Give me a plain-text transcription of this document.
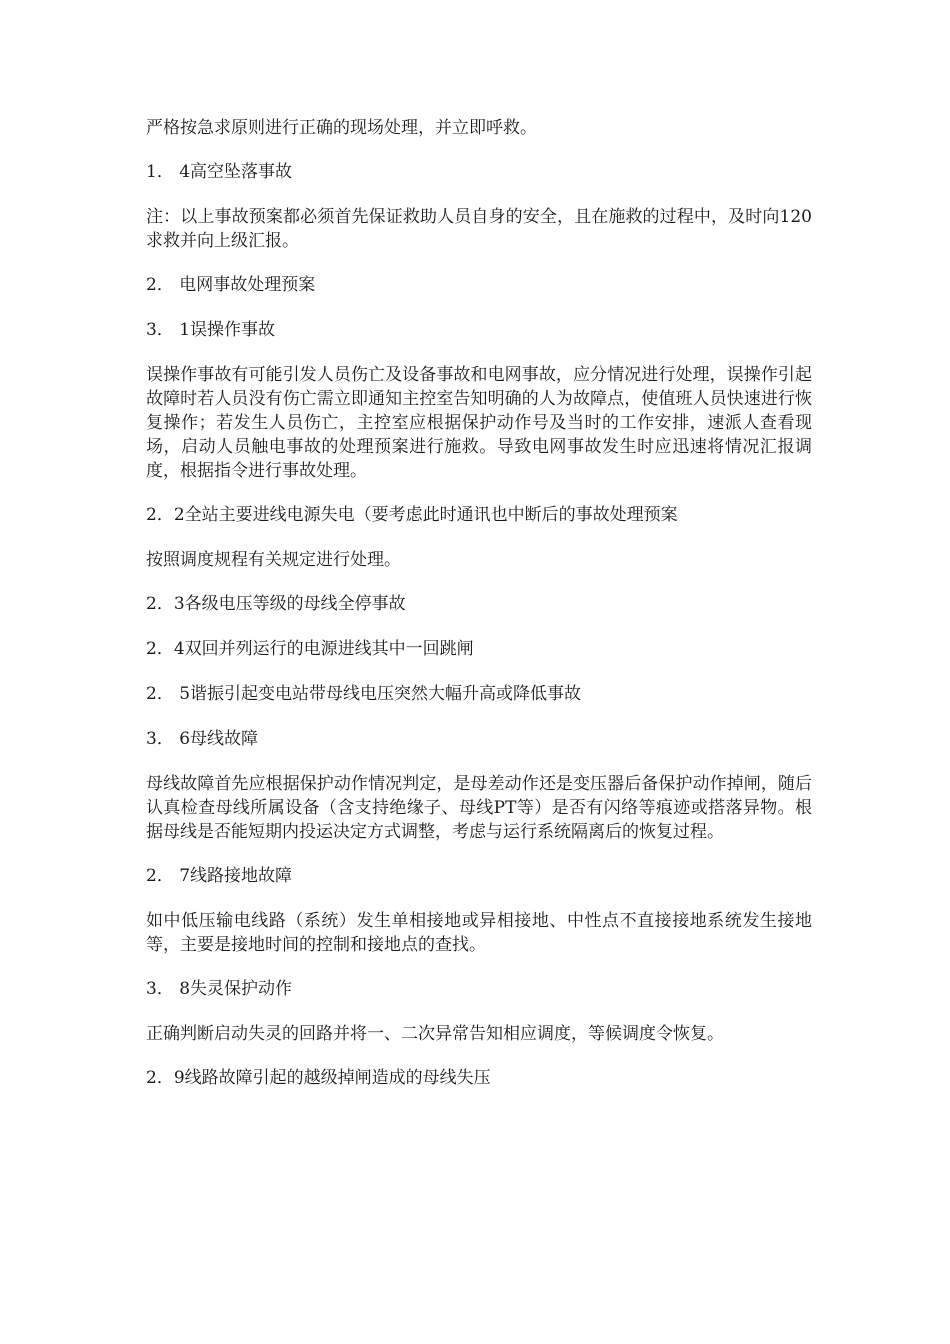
严格按急求原则进行正确的现场处理，并立即呼救。

1． 4高空坠落事故

注：以上事故预案都必须首先保证救助人员自身的安全，且在施救的过程中，及时向120求救并向上级汇报。

2． 电网事故处理预案

3． 1误操作事故

误操作事故有可能引发人员伤亡及设备事故和电网事故，应分情况进行处理，误操作引起故障时若人员没有伤亡需立即通知主控室告知明确的人为故障点，使值班人员快速进行恢复操作；若发生人员伤亡，主控室应根据保护动作号及当时的工作安排，速派人查看现场，启动人员触电事故的处理预案进行施救。导致电网事故发生时应迅速将情况汇报调度，根据指令进行事故处理。

2．2全站主要进线电源失电（要考虑此时通讯也中断后的事故处理预案

按照调度规程有关规定进行处理。

2．3各级电压等级的母线全停事故

2．4双回并列运行的电源进线其中一回跳闸

2． 5谐振引起变电站带母线电压突然大幅升高或降低事故

3． 6母线故障

母线故障首先应根据保护动作情况判定，是母差动作还是变压器后备保护动作掉闸，随后认真检查母线所属设备（含支持绝缘子、母线PT等）是否有闪络等痕迹或搭落异物。根据母线是否能短期内投运决定方式调整，考虑与运行系统隔离后的恢复过程。

2． 7线路接地故障

如中低压输电线路（系统）发生单相接地或异相接地、中性点不直接接地系统发生接地等，主要是接地时间的控制和接地点的查找。

3． 8失灵保护动作

正确判断启动失灵的回路并将一、二次异常告知相应调度，等候调度令恢复。

2．9线路故障引起的越级掉闸造成的母线失压
